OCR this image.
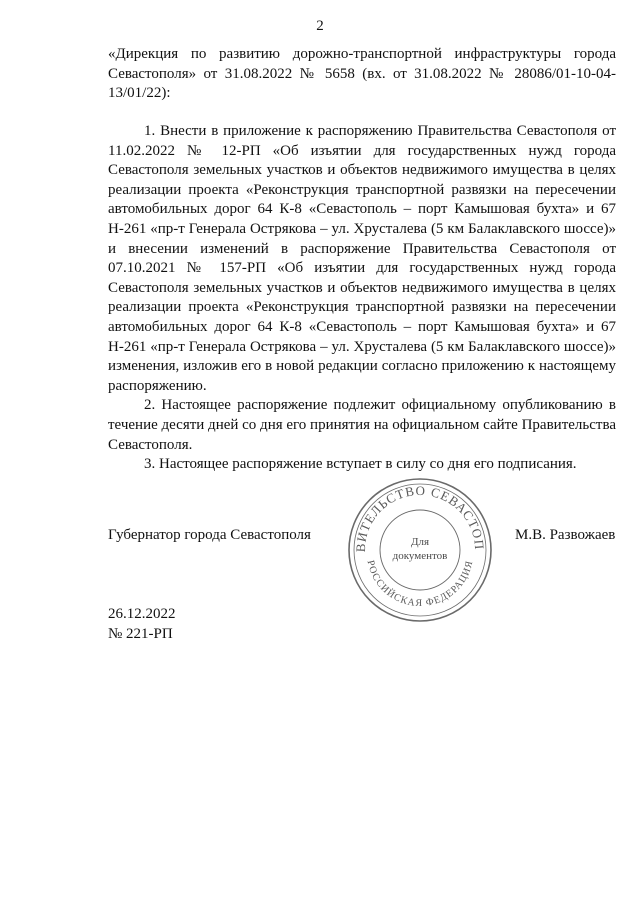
2

«Дирекция по развитию дорожно-транспортной инфраструктуры города Севастополя» от 31.08.2022 № 5658 (вх. от 31.08.2022 № 28086/01-10-04-13/01/22):

1. Внести в приложение к распоряжению Правительства Севастополя от 11.02.2022 № 12-РП «Об изъятии для государственных нужд города Севастополя земельных участков и объектов недвижимого имущества в целях реализации проекта «Реконструкция транспортной развязки на пересечении автомобильных дорог 64 К-8 «Севастополь – порт Камышовая бухта» и 67 Н-261 «пр-т Генерала Острякова – ул. Хрусталева (5 км Балаклавского шоссе)» и внесении изменений в распоряжение Правительства Севастополя от 07.10.2021 № 157-РП «Об изъятии для государственных нужд города Севастополя земельных участков и объектов недвижимого имущества в целях реализации проекта «Реконструкция транспортной развязки на пересечении автомобильных дорог 64 К-8 «Севастополь – порт Камышовая бухта» и 67 Н-261 «пр-т Генерала Острякова – ул. Хрусталева (5 км Балаклавского шоссе)» изменения, изложив его в новой редакции согласно приложению к настоящему распоряжению.

2. Настоящее распоряжение подлежит официальному опубликованию в течение десяти дней со дня его принятия на официальном сайте Правительства Севастополя.

3. Настоящее распоряжение вступает в силу со дня его подписания.

Губернатор города Севастополя
ВИТЕЛЬСТВО СЕВАСТОП
РОССИЙСКАЯ ФЕДЕРАЦИЯ
Для
документов
М.В. Развожаев
26.12.2022
№ 221-РП
